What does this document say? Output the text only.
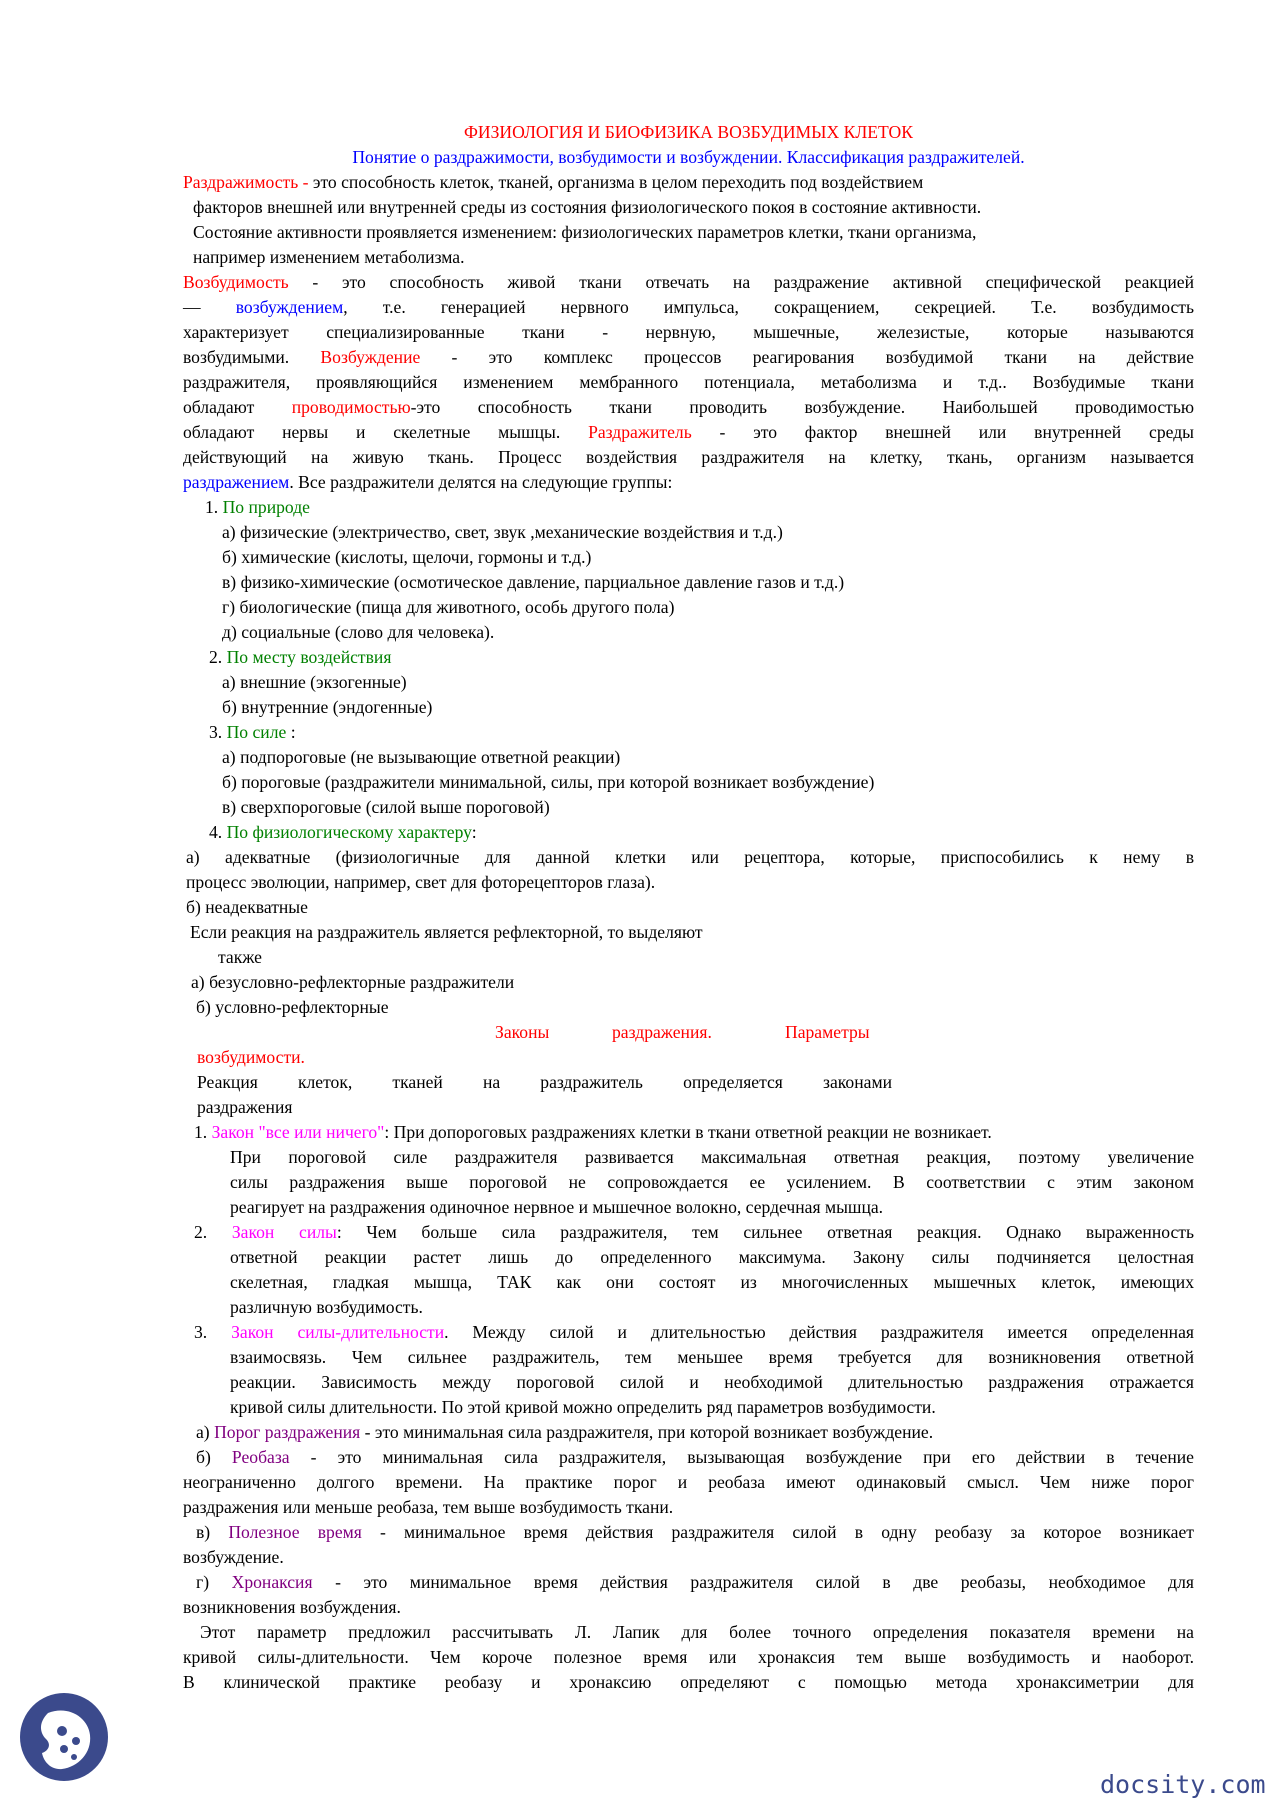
ФИЗИОЛОГИЯ И БИОФИЗИКА ВОЗБУДИМЫХ КЛЕТОК
Понятие о раздражимости, возбудимости и возбуждении. Классификация раздражителей.
Раздражимость - это способность клеток, тканей, организма в целом переходить под воздействием
факторов внешней или внутренней среды из состояния физиологического покоя в состояние активности.
Состояние активности проявляется изменением: физиологических параметров клетки, ткани организма,
например изменением метаболизма.
Возбудимость - это способность живой ткани отвечать на раздражение активной специфической реакцией
— возбуждением, т.е. генерацией нервного импульса, сокращением, секрецией. Т.е. возбудимость
характеризует специализированные ткани - нервную, мышечные, железистые, которые называются
возбудимыми. Возбуждение - это комплекс процессов реагирования возбудимой ткани на действие
раздражителя, проявляющийся изменением мембранного потенциала, метаболизма и т.д.. Возбудимые ткани
обладают проводимостью-это способность ткани проводить возбуждение. Наибольшей проводимостью
обладают нервы и скелетные мышцы. Раздражитель - это фактор внешней или внутренней среды
действующий на живую ткань. Процесс воздействия раздражителя на клетку, ткань, организм называется
раздражением. Все раздражители делятся на следующие группы:
1. По природе
а) физические (электричество, свет, звук ,механические воздействия и т.д.)
б) химические (кислоты, щелочи, гормоны и т.д.)
в) физико-химические (осмотическое давление, парциальное давление газов и т.д.)
г) биологические (пища для животного, особь другого пола)
д) социальные (слово для человека).
2. По месту воздействия
а) внешние (экзогенные)
б) внутренние (эндогенные)
3. По силе :
а) подпороговые (не вызывающие ответной реакции)
б) пороговые (раздражители минимальной, силы, при которой возникает возбуждение)
в) сверхпороговые (силой выше пороговой)
4. По физиологическому характеру:
а) адекватные (физиологичные для данной клетки или рецептора, которые, приспособились к нему в
процесс эволюции, например, свет для фоторецепторов глаза).
б) неадекватные
Если реакция на раздражитель является рефлекторной, то выделяют
также
а) безусловно-рефлекторные раздражители
б) условно-рефлекторные
Законы	раздражения.	Параметры
возбудимости.
Реакция клеток, тканей на раздражитель определяется законами
раздражения
1. Закон "все или ничего": При допороговых раздражениях клетки в ткани ответной реакции не возникает.
При пороговой силе раздражителя развивается максимальная ответная реакция, поэтому увеличение
силы раздражения выше пороговой не сопровождается ее усилением. В соответствии с этим законом
реагирует на раздражения одиночное нервное и мышечное волокно, сердечная мышца.
2. Закон силы: Чем больше сила раздражителя, тем сильнее ответная реакция. Однако выраженность
ответной реакции растет лишь до определенного максимума. Закону силы подчиняется целостная
скелетная, гладкая мышца, ТАК как они состоят из многочисленных мышечных клеток, имеющих
различную возбудимость.
3. Закон силы-длительности. Между силой и длительностью действия раздражителя имеется определенная
взаимосвязь. Чем сильнее раздражитель, тем меньшее время требуется для возникновения ответной
реакции. Зависимость между пороговой силой и необходимой длительностью раздражения отражается
кривой силы длительности. По этой кривой можно определить ряд параметров возбудимости.
а) Порог раздражения - это минимальная сила раздражителя, при которой возникает возбуждение.
б) Реобаза - это минимальная сила раздражителя, вызывающая возбуждение при его действии в течение
неограниченно долгого времени. На практике порог и реобаза имеют одинаковый смысл. Чем ниже порог
раздражения или меньше реобаза, тем выше возбудимость ткани.
в) Полезное время - минимальное время действия раздражителя силой в одну реобазу за которое возникает
возбуждение.
г) Хронаксия - это минимальное время действия раздражителя силой в две реобазы, необходимое для
возникновения возбуждения.
Этот параметр предложил рассчитывать Л. Лапик для более точного определения показателя времени на
кривой силы-длительности. Чем короче полезное время или хронаксия тем выше возбудимость и наоборот.
В клинической практике реобазу и хронаксию определяют с помощью метода хронаксиметрии для
docsity.com
